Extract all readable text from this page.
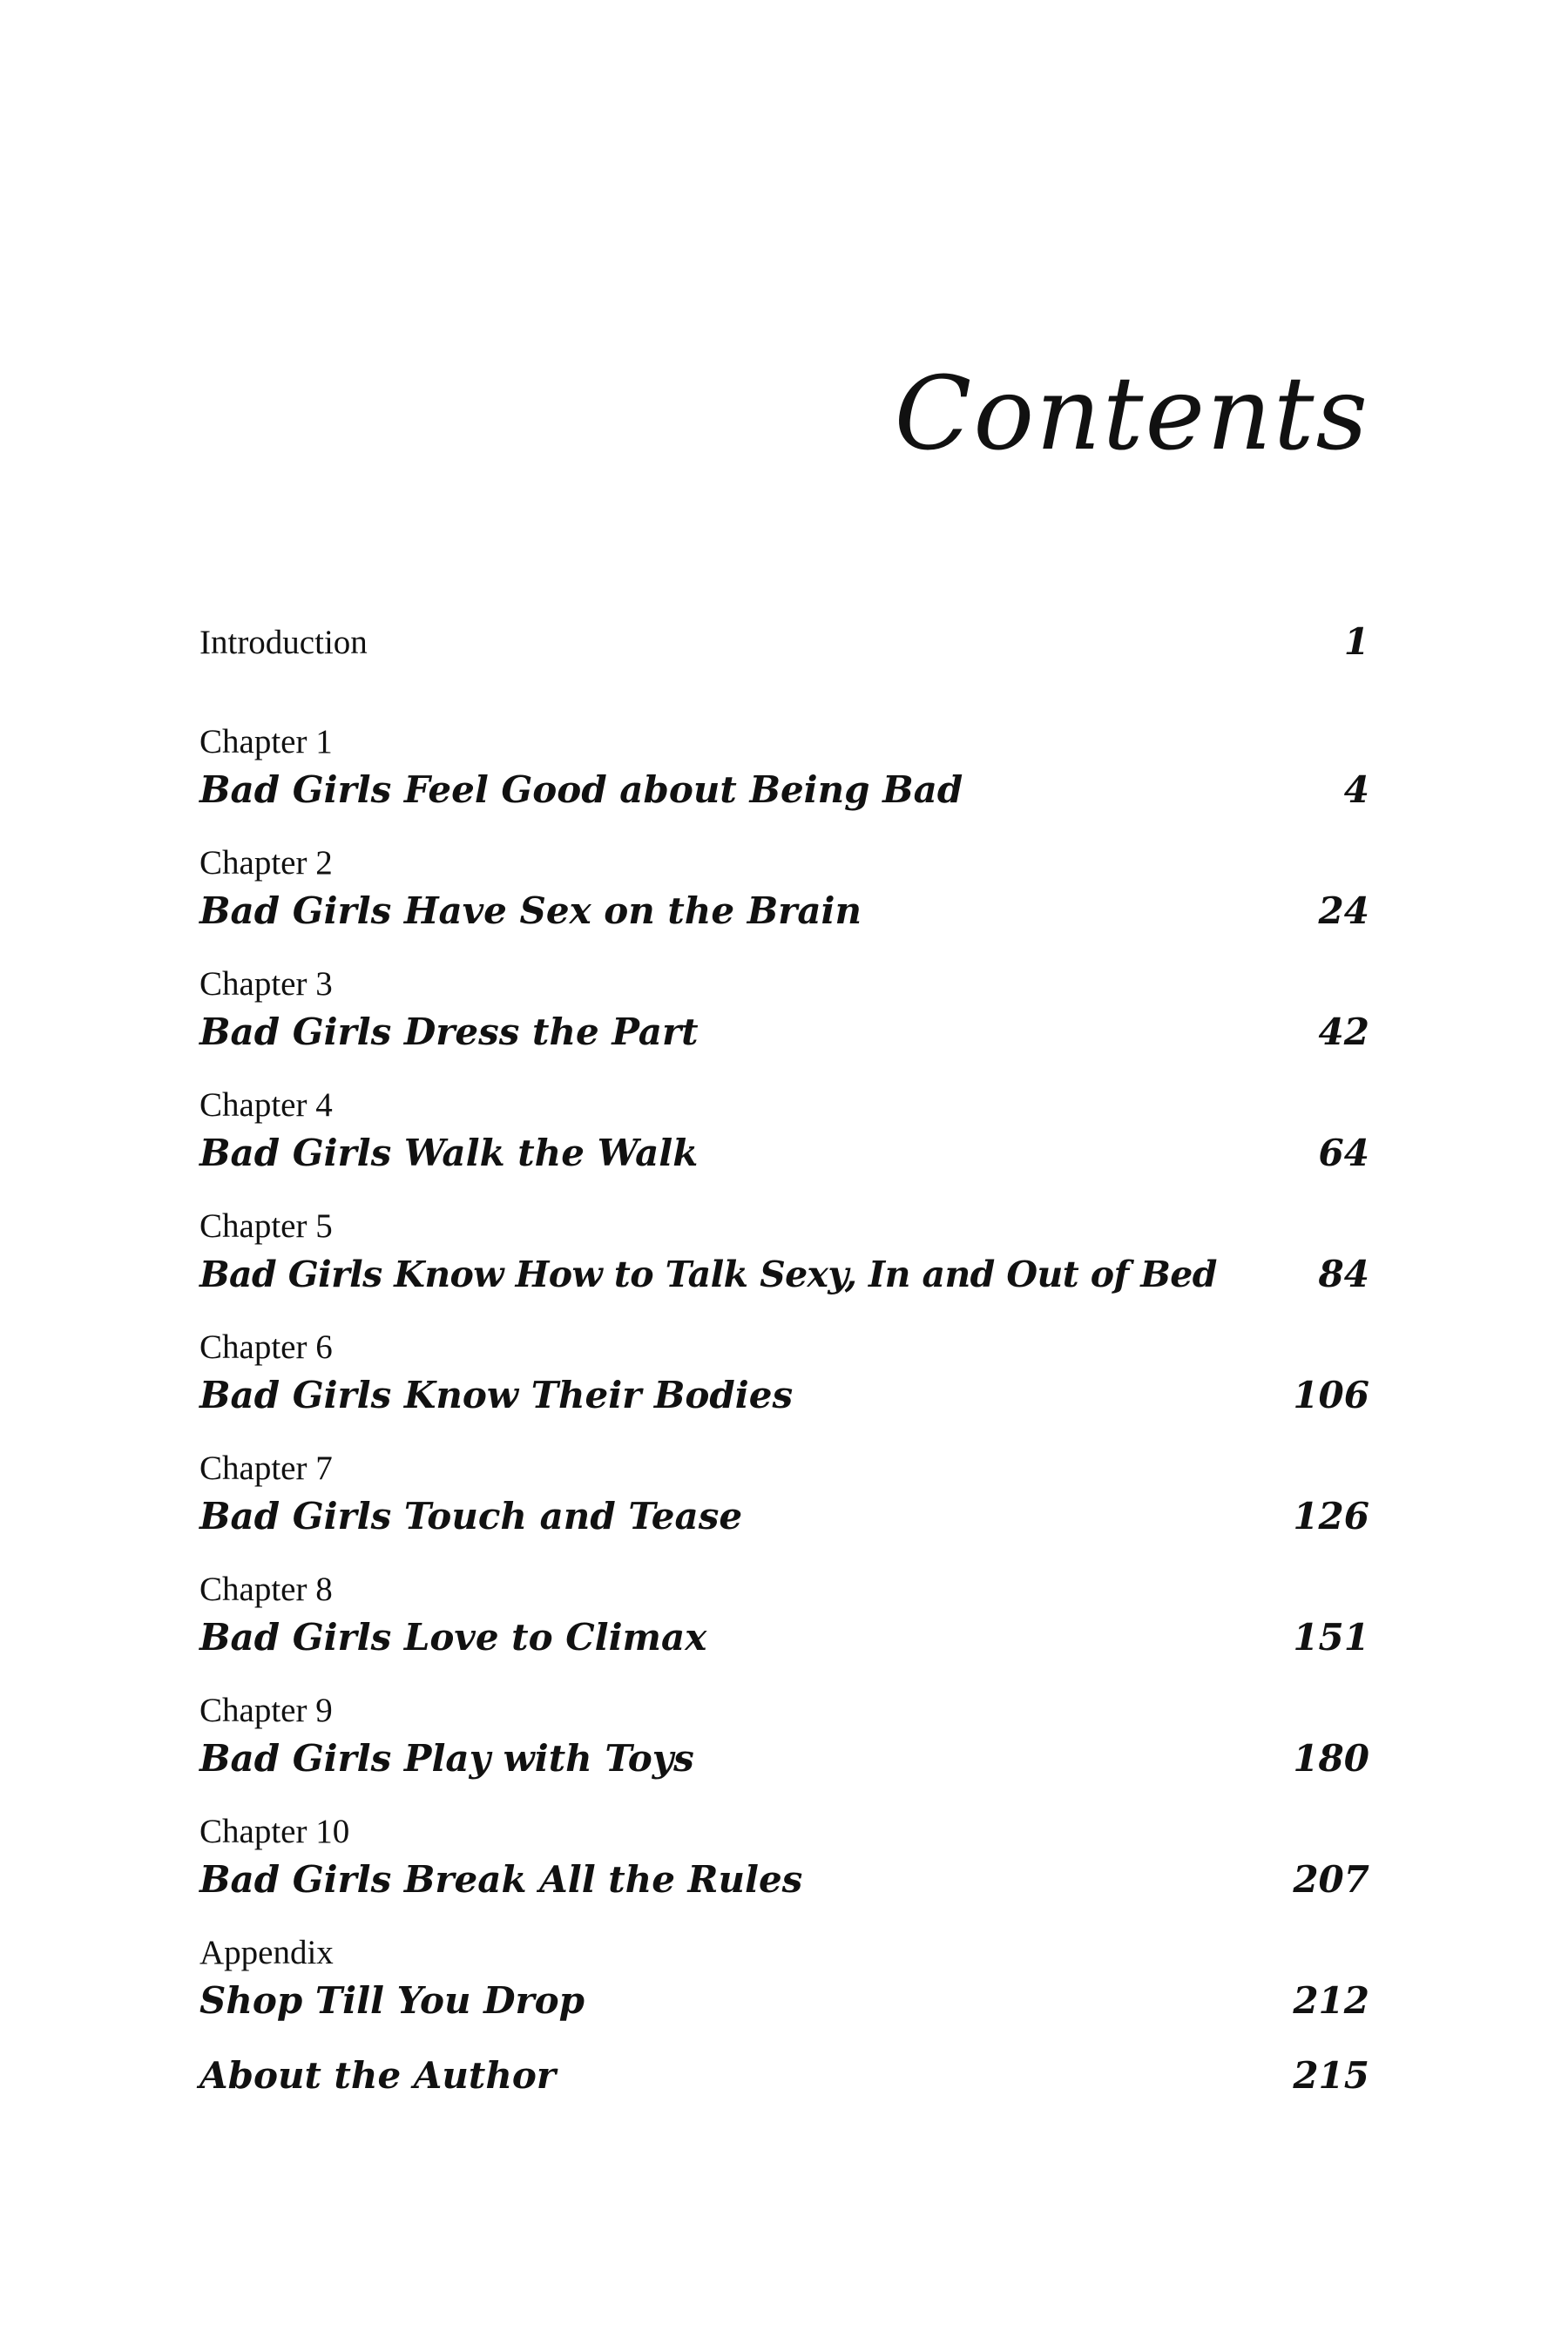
Contents
Introduction	1
Chapter 1
Bad Girls Feel Good about Being Bad	4
Chapter 2
Bad Girls Have Sex on the Brain	24
Chapter 3
Bad Girls Dress the Part	42
Chapter 4
Bad Girls Walk the Walk	64
Chapter 5
Bad Girls Know How to Talk Sexy, In and Out of Bed	84
Chapter 6
Bad Girls Know Their Bodies	106
Chapter 7
Bad Girls Touch and Tease	126
Chapter 8
Bad Girls Love to Climax	151
Chapter 9
Bad Girls Play with Toys	180
Chapter 10
Bad Girls Break All the Rules	207
Appendix
Shop Till You Drop	212
About the Author	215
